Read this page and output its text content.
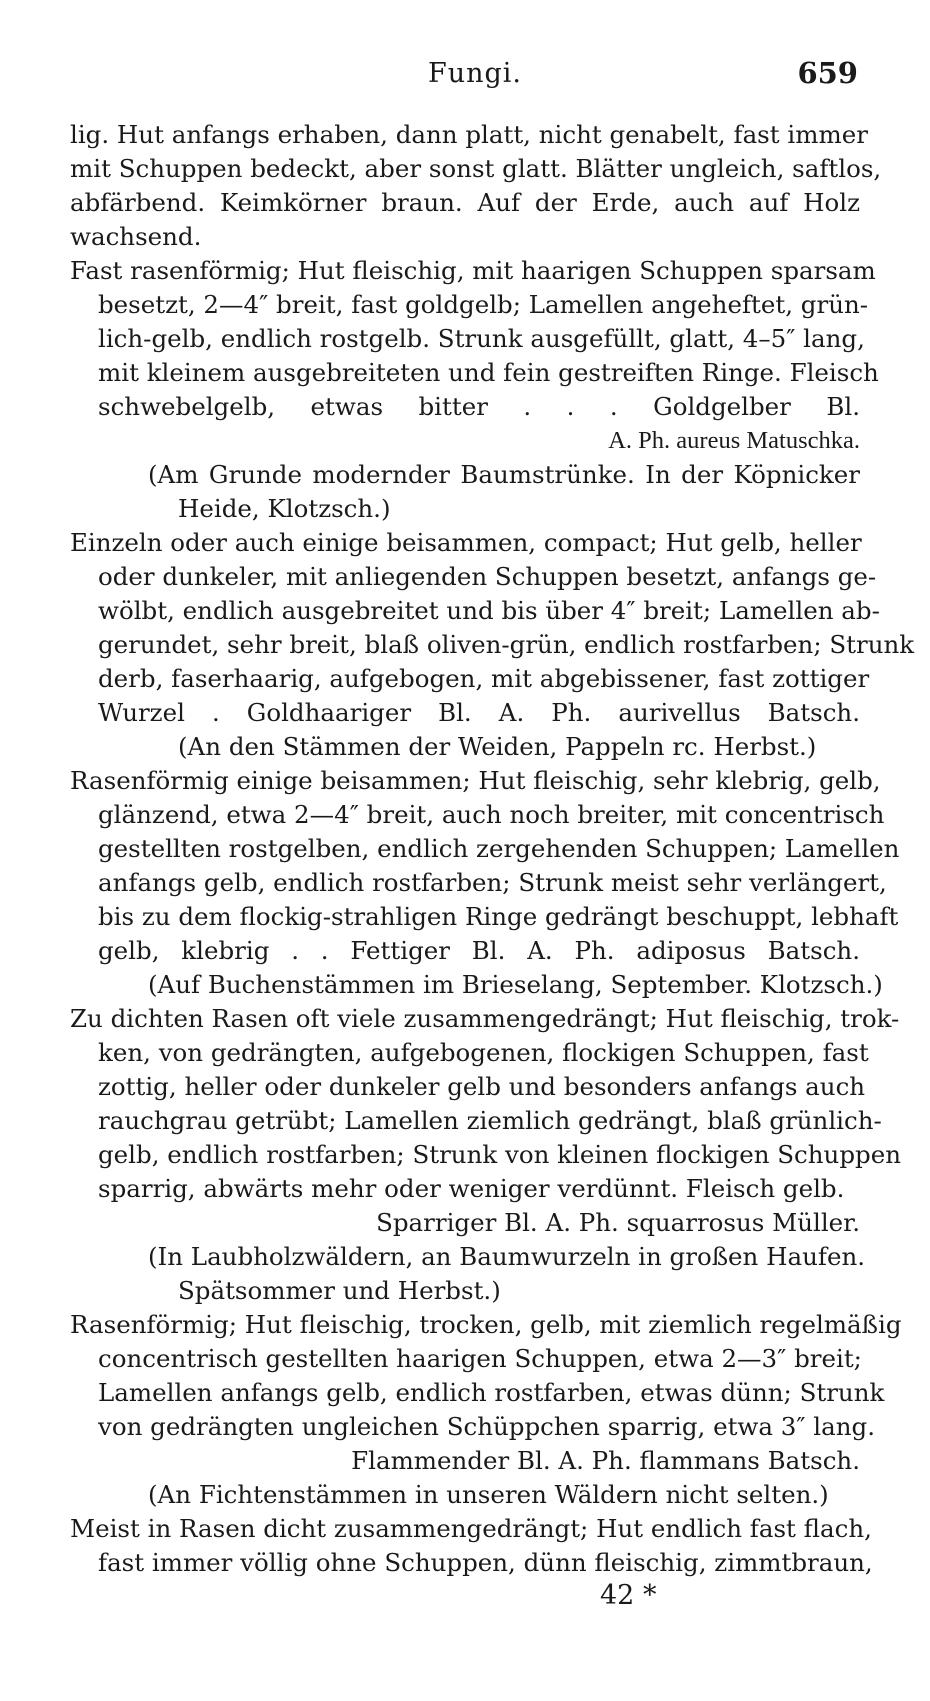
Fungi.	659
lig. Hut anfangs erhaben, dann platt, nicht genabelt, fast immer
mit Schuppen bedeckt, aber sonst glatt. Blätter ungleich, saftlos,
abfärbend. Keimkörner braun. Auf der Erde, auch auf Holz
wachsend.
Fast rasenförmig; Hut fleischig, mit haarigen Schuppen sparsam
besetzt, 2—4″ breit, fast goldgelb; Lamellen angeheftet, grün-
lich-gelb, endlich rostgelb. Strunk ausgefüllt, glatt, 4–5″ lang,
mit kleinem ausgebreiteten und fein gestreiften Ringe. Fleisch
schwebelgelb, etwas bitter . . . Goldgelber Bl.
A. Ph. aureus Matuschka.
(Am Grunde modernder Baumstrünke. In der Köpnicker
Heide, Klotzsch.)
Einzeln oder auch einige beisammen, compact; Hut gelb, heller
oder dunkeler, mit anliegenden Schuppen besetzt, anfangs ge-
wölbt, endlich ausgebreitet und bis über 4″ breit; Lamellen ab-
gerundet, sehr breit, blaß oliven-grün, endlich rostfarben; Strunk
derb, faserhaarig, aufgebogen, mit abgebissener, fast zottiger
Wurzel . Goldhaariger Bl. A. Ph. aurivellus Batsch.
(An den Stämmen der Weiden, Pappeln rc. Herbst.)
Rasenförmig einige beisammen; Hut fleischig, sehr klebrig, gelb,
glänzend, etwa 2—4″ breit, auch noch breiter, mit concentrisch
gestellten rostgelben, endlich zergehenden Schuppen; Lamellen
anfangs gelb, endlich rostfarben; Strunk meist sehr verlängert,
bis zu dem flockig-strahligen Ringe gedrängt beschuppt, lebhaft
gelb, klebrig . . Fettiger Bl. A. Ph. adiposus Batsch.
(Auf Buchenstämmen im Brieselang, September. Klotzsch.)
Zu dichten Rasen oft viele zusammengedrängt; Hut fleischig, trok-
ken, von gedrängten, aufgebogenen, flockigen Schuppen, fast
zottig, heller oder dunkeler gelb und besonders anfangs auch
rauchgrau getrübt; Lamellen ziemlich gedrängt, blaß grünlich-
gelb, endlich rostfarben; Strunk von kleinen flockigen Schuppen
sparrig, abwärts mehr oder weniger verdünnt. Fleisch gelb.
Sparriger Bl. A. Ph. squarrosus Müller.
(In Laubholzwäldern, an Baumwurzeln in großen Haufen.
Spätsommer und Herbst.)
Rasenförmig; Hut fleischig, trocken, gelb, mit ziemlich regelmäßig
concentrisch gestellten haarigen Schuppen, etwa 2—3″ breit;
Lamellen anfangs gelb, endlich rostfarben, etwas dünn; Strunk
von gedrängten ungleichen Schüppchen sparrig, etwa 3″ lang.
Flammender Bl. A. Ph. flammans Batsch.
(An Fichtenstämmen in unseren Wäldern nicht selten.)
Meist in Rasen dicht zusammengedrängt; Hut endlich fast flach,
fast immer völlig ohne Schuppen, dünn fleischig, zimmtbraun,
42 *
